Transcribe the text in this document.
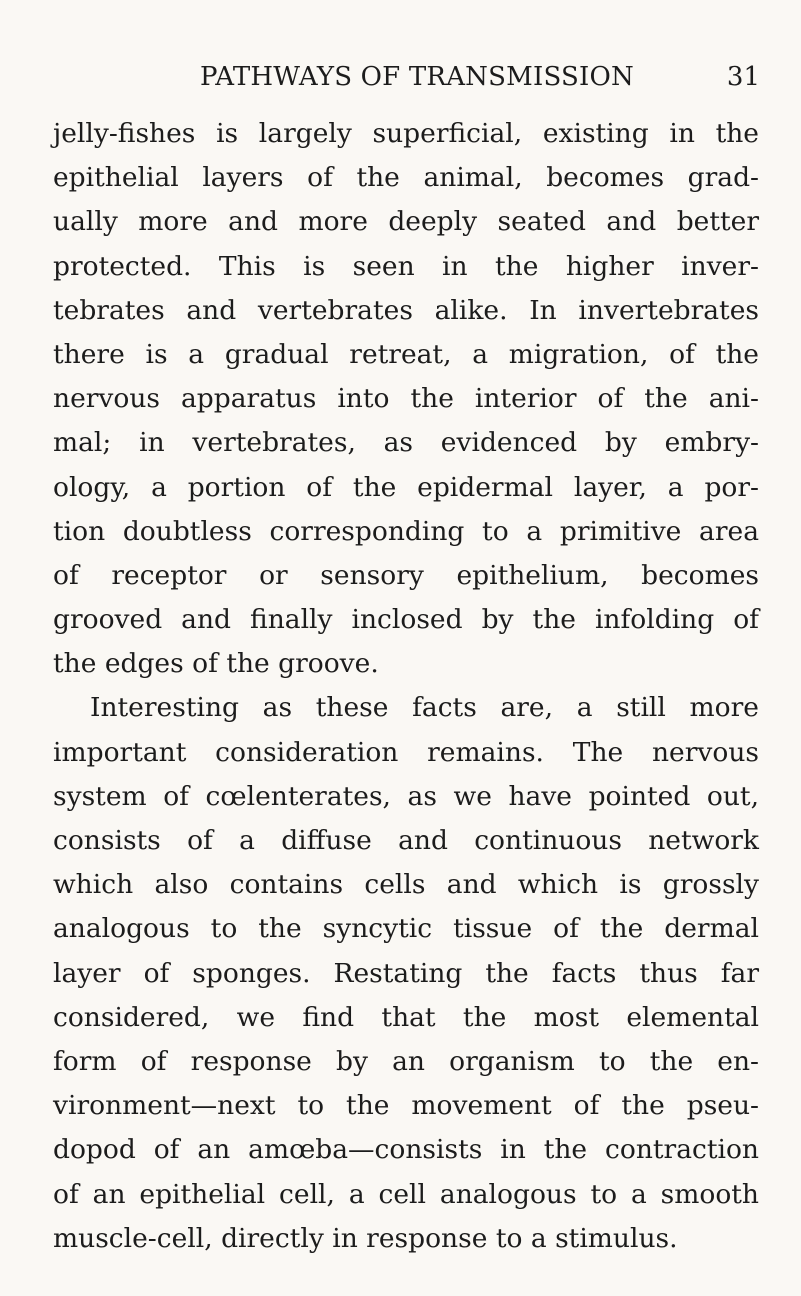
PATHWAYS OF TRANSMISSION	31
jelly-fishes is largely superficial, existing in the
epithelial layers of the animal, becomes grad-
ually more and more deeply seated and better
protected. This is seen in the higher inver-
tebrates and vertebrates alike. In invertebrates
there is a gradual retreat, a migration, of the
nervous apparatus into the interior of the ani-
mal; in vertebrates, as evidenced by embry-
ology, a portion of the epidermal layer, a por-
tion doubtless corresponding to a primitive area
of receptor or sensory epithelium, becomes
grooved and finally inclosed by the infolding of
the edges of the groove.
Interesting as these facts are, a still more
important consideration remains. The nervous
system of cœlenterates, as we have pointed out,
consists of a diffuse and continuous network
which also contains cells and which is grossly
analogous to the syncytic tissue of the dermal
layer of sponges. Restating the facts thus far
considered, we find that the most elemental
form of response by an organism to the en-
vironment—next to the movement of the pseu-
dopod of an amœba—consists in the contraction
of an epithelial cell, a cell analogous to a smooth
muscle-cell, directly in response to a stimulus.
